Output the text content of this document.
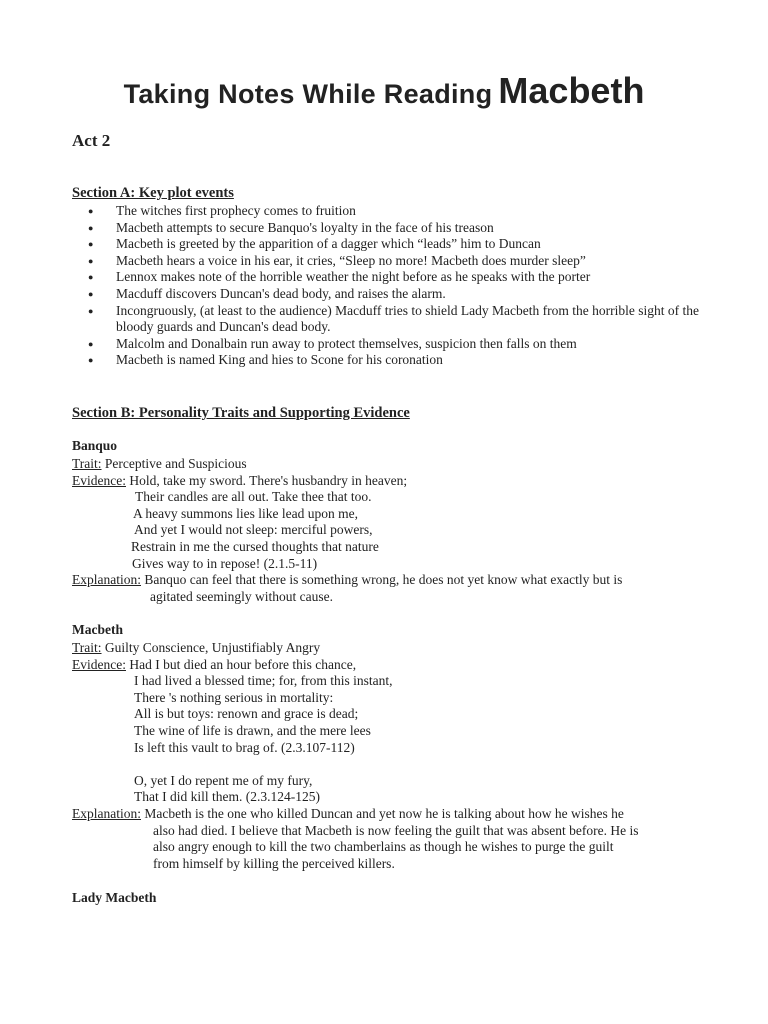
Taking Notes While Reading Macbeth
Act 2
Section A: Key plot events
● The witches first prophecy comes to fruition
● Macbeth attempts to secure Banquo's loyalty in the face of his treason
● Macbeth is greeted by the apparition of a dagger which “leads” him to Duncan
● Macbeth hears a voice in his ear, it cries, “Sleep no more! Macbeth does murder sleep”
● Lennox makes note of the horrible weather the night before as he speaks with the porter
● Macduff discovers Duncan's dead body, and raises the alarm.
● Incongruously, (at least to the audience) Macduff tries to shield Lady Macbeth from the horrible sight of the bloody guards and Duncan's dead body.
● Malcolm and Donalbain run away to protect themselves, suspicion then falls on them
● Macbeth is named King and hies to Scone for his coronation
Section B: Personality Traits and Supporting Evidence
Banquo
Trait: Perceptive and Suspicious
Evidence: Hold, take my sword. There's husbandry in heaven;
Their candles are all out. Take thee that too.
A heavy summons lies like lead upon me,
And yet I would not sleep: merciful powers,
Restrain in me the cursed thoughts that nature
Gives way to in repose! (2.1.5-11)
Explanation: Banquo can feel that there is something wrong, he does not yet know what exactly but is
agitated seemingly without cause.
Macbeth
Trait: Guilty Conscience, Unjustifiably Angry
Evidence: Had I but died an hour before this chance,
I had lived a blessed time; for, from this instant,
There 's nothing serious in mortality:
All is but toys: renown and grace is dead;
The wine of life is drawn, and the mere lees
Is left this vault to brag of. (2.3.107-112)
O, yet I do repent me of my fury,
That I did kill them. (2.3.124-125)
Explanation: Macbeth is the one who killed Duncan and yet now he is talking about how he wishes he
also had died. I believe that Macbeth is now feeling the guilt that was absent before. He is
also angry enough to kill the two chamberlains as though he wishes to purge the guilt
from himself by killing the perceived killers.
Lady Macbeth
